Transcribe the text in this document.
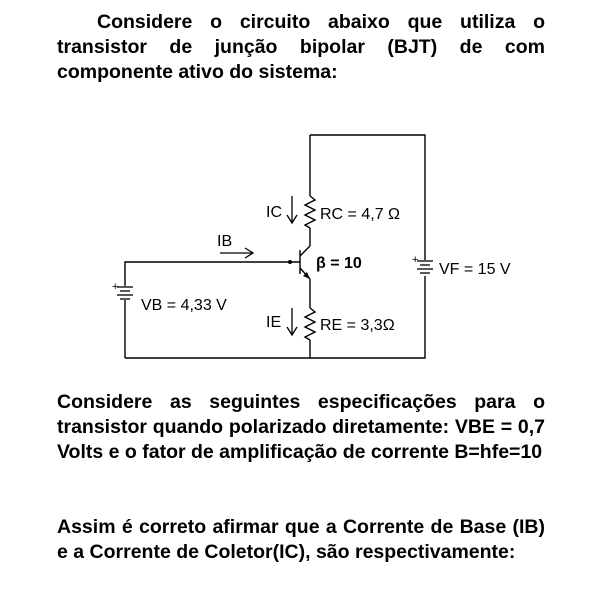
Considere o circuito abaixo que utiliza o transistor de junção bipolar (BJT) de com componente ativo do sistema:

+
+
IC
IB
IE
RC = 4,7 Ω
RE = 3,3Ω
β = 10
VB = 4,33 V
VF = 15 V

Considere as seguintes especificações para o transistor quando polarizado diretamente: VBE = 0,7 Volts e o fator de amplificação de corrente B=hfe=10

Assim é correto afirmar que a Corrente de Base (IB) e a Corrente de Coletor(IC), são respectivamente:
